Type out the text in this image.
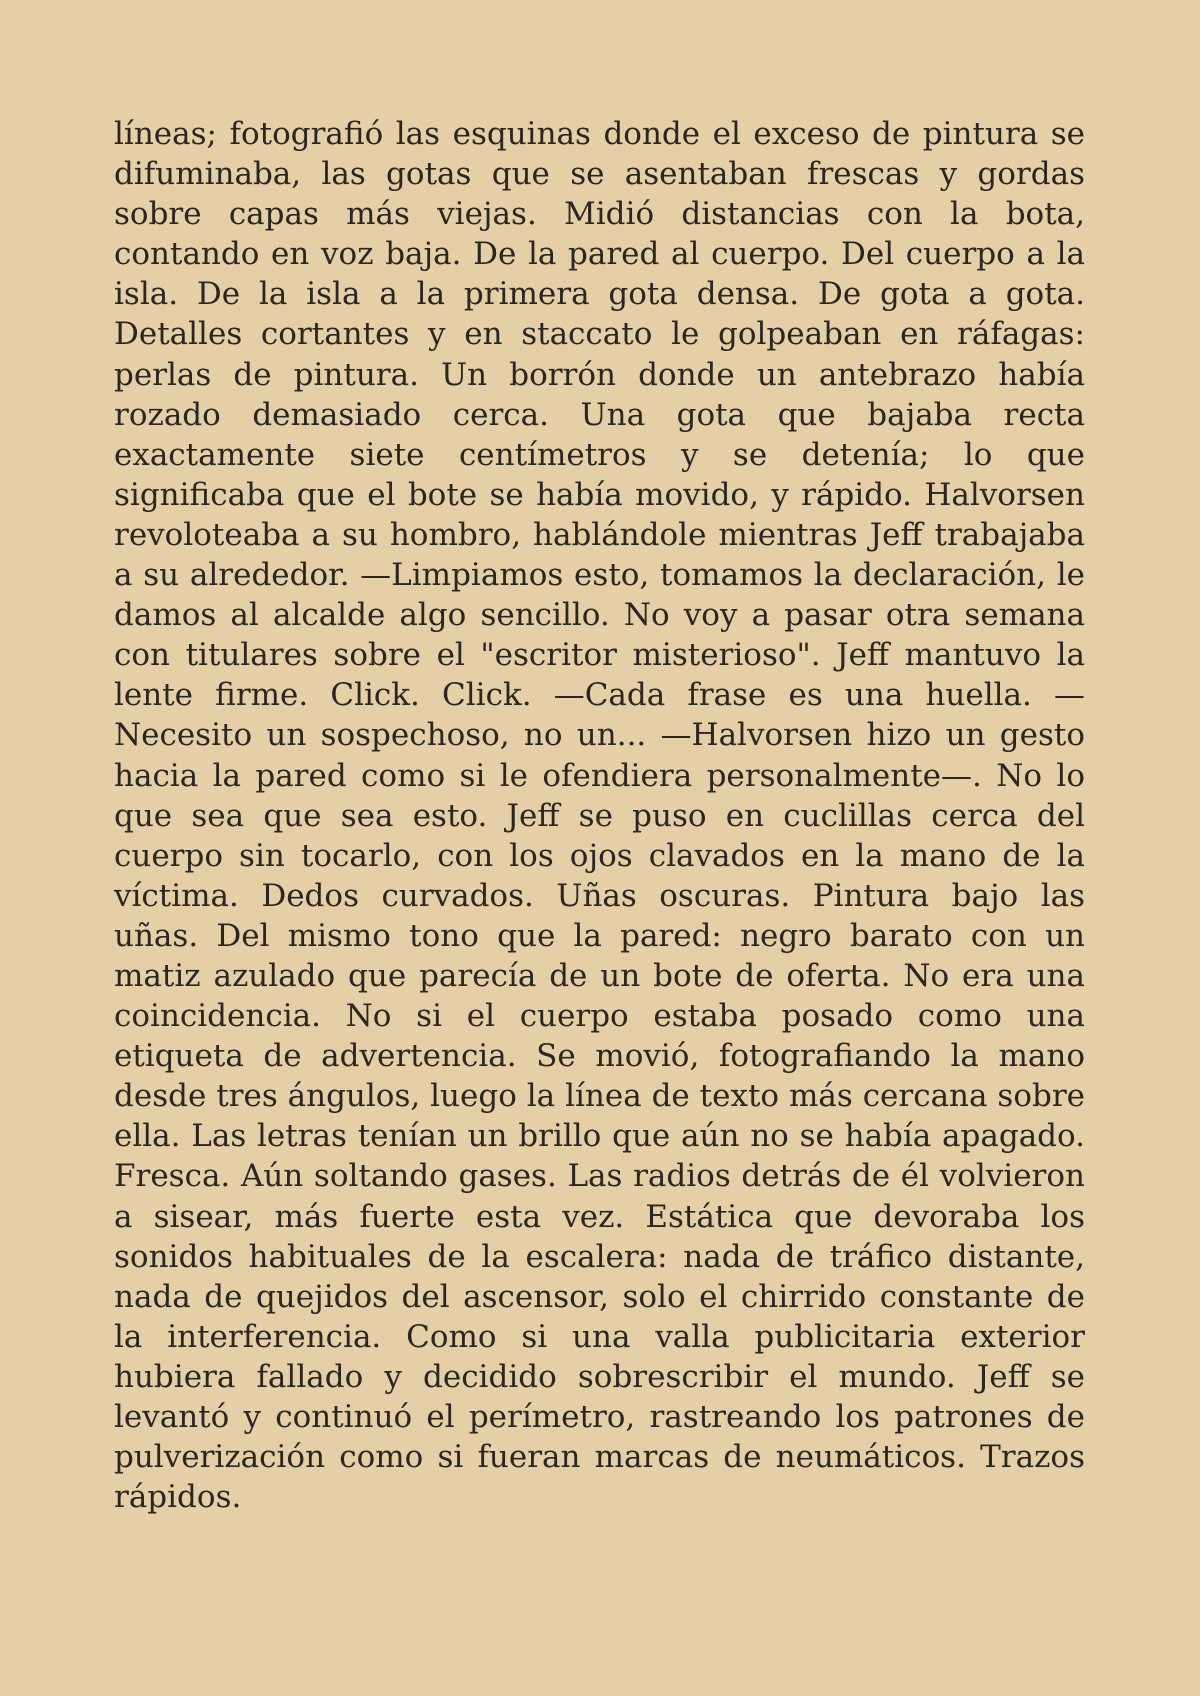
líneas; fotografió las esquinas donde el exceso de pintura se difuminaba, las gotas que se asentaban frescas y gordas sobre capas más viejas. Midió distancias con la bota, contando en voz baja. De la pared al cuerpo. Del cuerpo a la isla. De la isla a la primera gota densa. De gota a gota. Detalles cortantes y en staccato le golpeaban en ráfagas: perlas de pintura. Un borrón donde un antebrazo había rozado demasiado cerca. Una gota que bajaba recta exactamente siete centímetros y se detenía; lo que significaba que el bote se había movido, y rápido. Halvorsen revoloteaba a su hombro, hablándole mientras Jeff trabajaba a su alrededor. —Limpiamos esto, tomamos la declaración, le damos al alcalde algo sencillo. No voy a pasar otra semana con titulares sobre el "escritor misterioso". Jeff mantuvo la lente firme. Click. Click. —Cada frase es una huella. —Necesito un sospechoso, no un... —Halvorsen hizo un gesto hacia la pared como si le ofendiera personalmente—. No lo que sea que sea esto. Jeff se puso en cuclillas cerca del cuerpo sin tocarlo, con los ojos clavados en la mano de la víctima. Dedos curvados. Uñas oscuras. Pintura bajo las uñas. Del mismo tono que la pared: negro barato con un matiz azulado que parecía de un bote de oferta. No era una coincidencia. No si el cuerpo estaba posado como una etiqueta de advertencia. Se movió, fotografiando la mano desde tres ángulos, luego la línea de texto más cercana sobre ella. Las letras tenían un brillo que aún no se había apagado. Fresca. Aún soltando gases. Las radios detrás de él volvieron a sisear, más fuerte esta vez. Estática que devoraba los sonidos habituales de la escalera: nada de tráfico distante, nada de quejidos del ascensor, solo el chirrido constante de la interferencia. Como si una valla publicitaria exterior hubiera fallado y decidido sobrescribir el mundo. Jeff se levantó y continuó el perímetro, rastreando los patrones de pulverización como si fueran marcas de neumáticos. Trazos rápidos.
